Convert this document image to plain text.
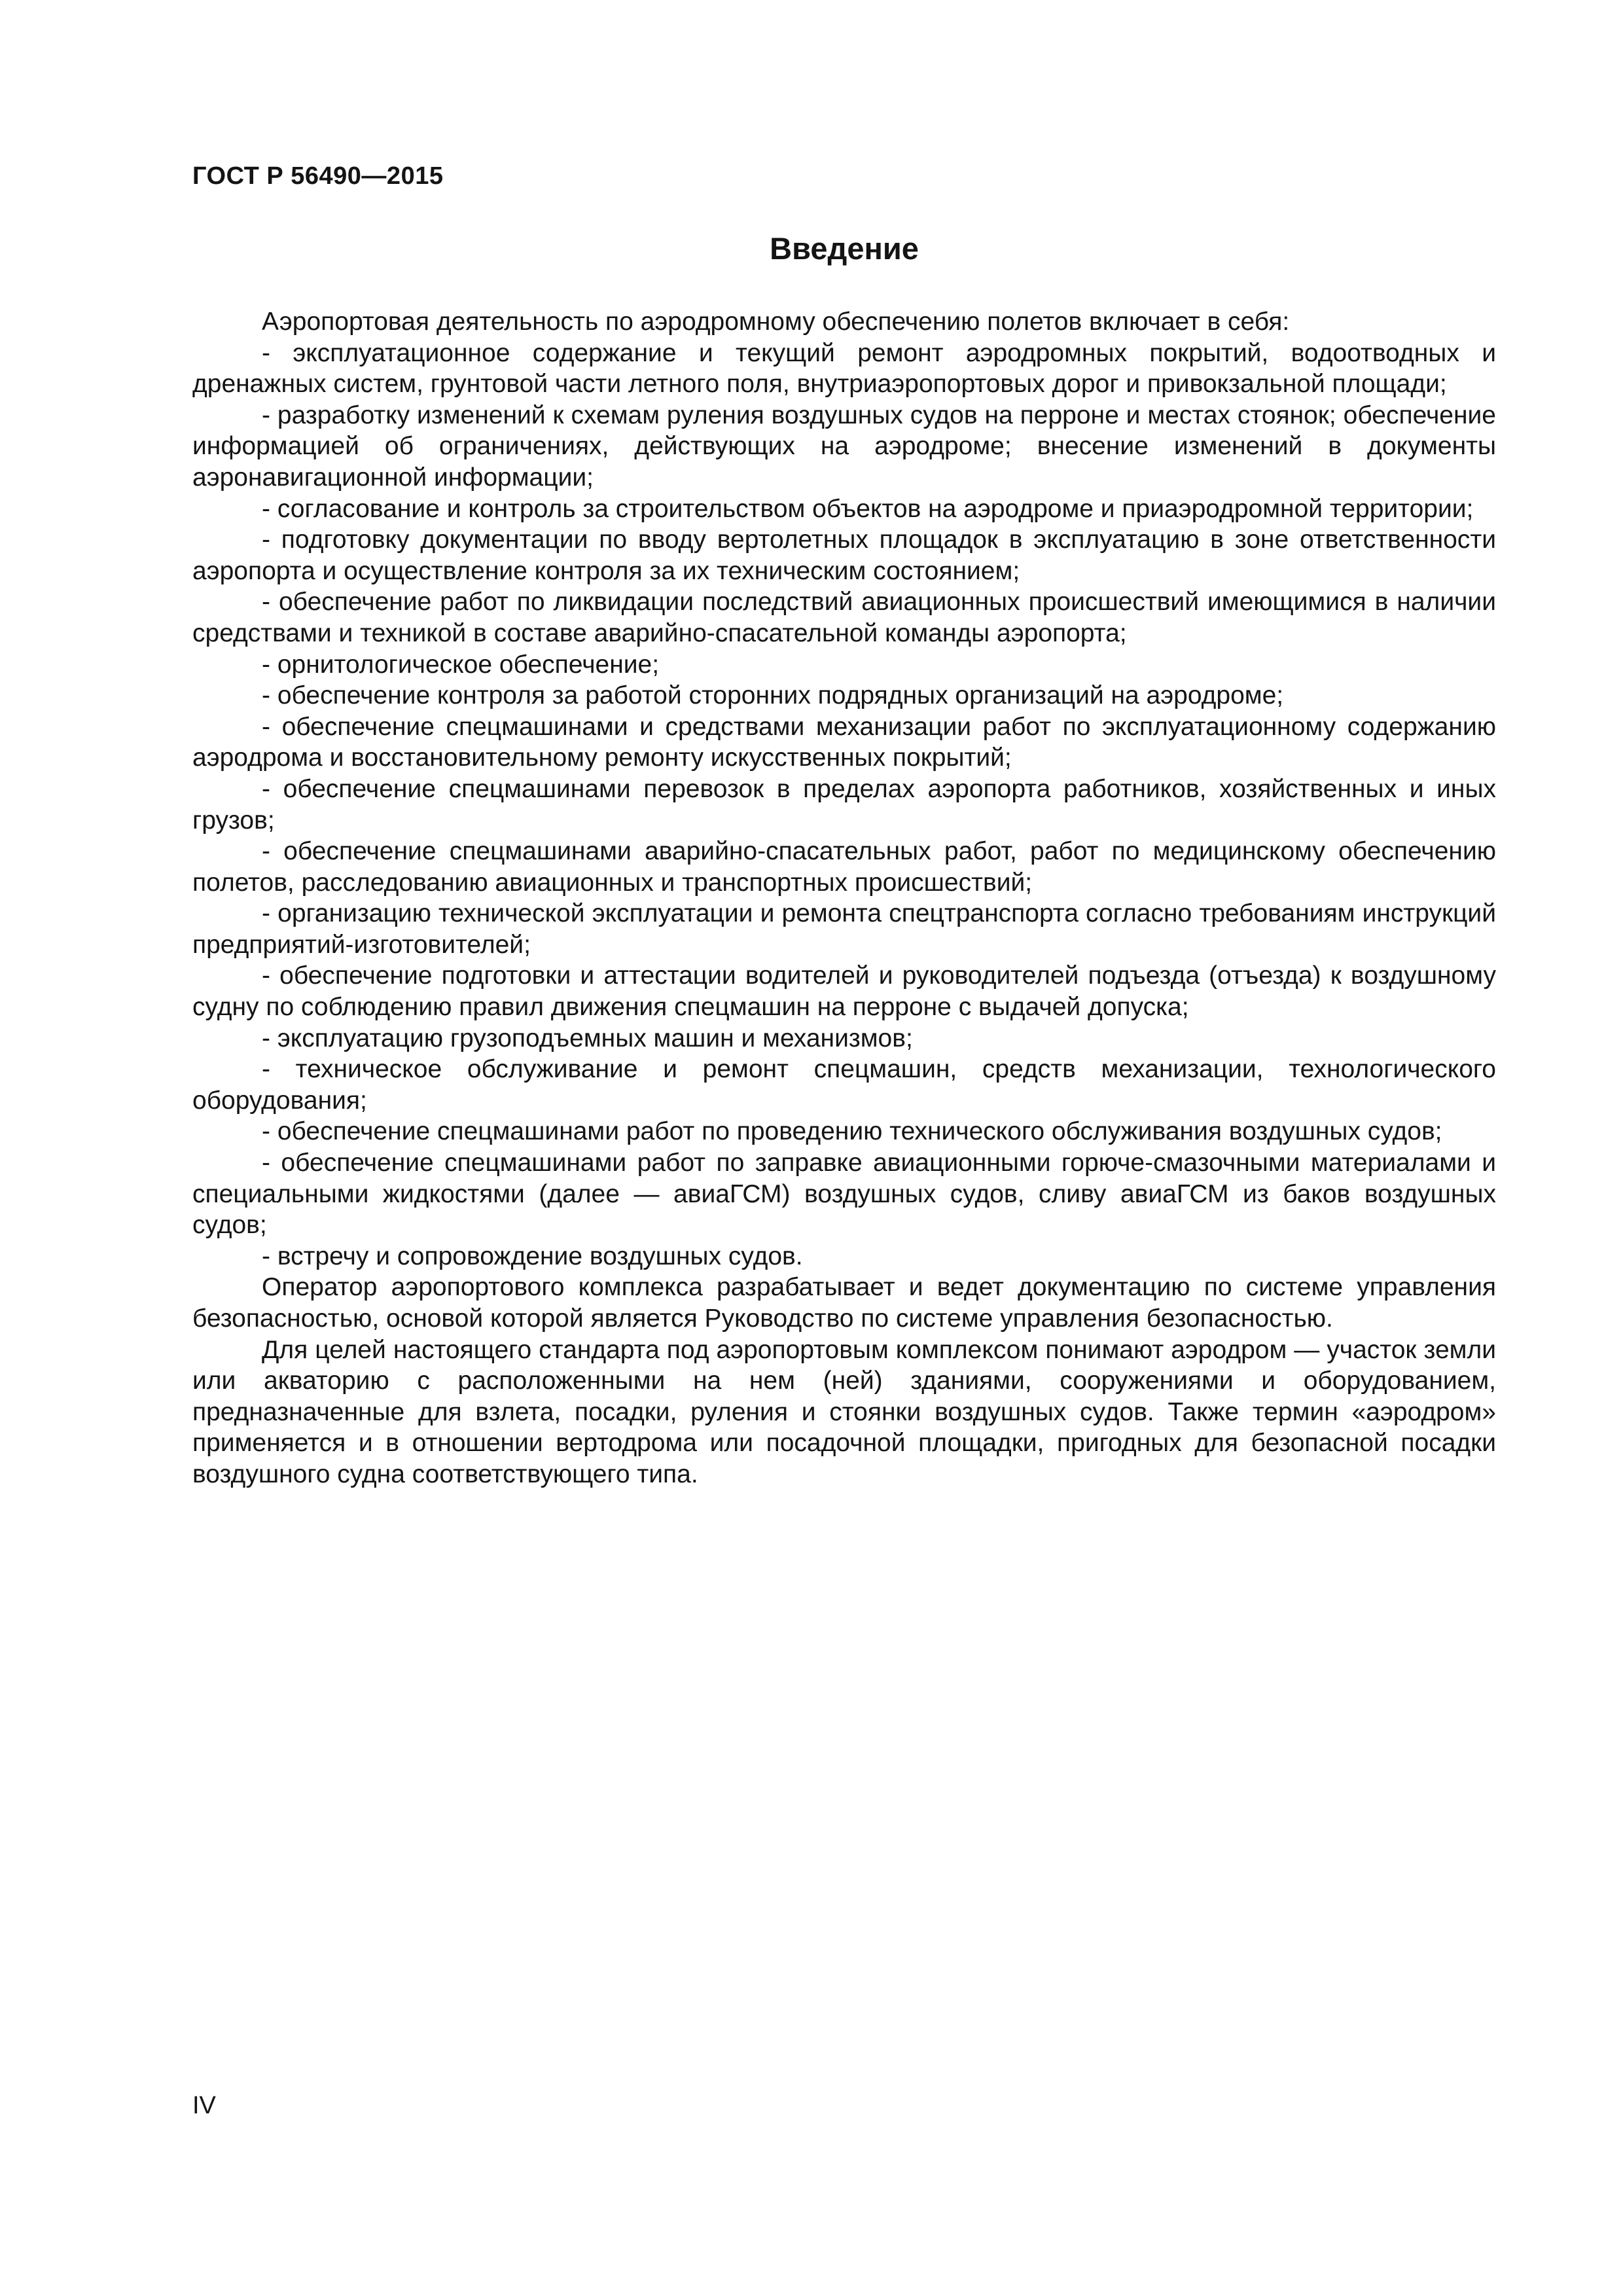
ГОСТ Р 56490—2015
Введение

Аэропортовая деятельность по аэродромному обеспечению полетов включает в себя:

- эксплуатационное содержание и текущий ремонт аэродромных покрытий, водоотводных и дренажных систем, грунтовой части летного поля, внутриаэропортовых дорог и привокзальной площади;

- разработку изменений к схемам руления воздушных судов на перроне и местах стоянок; обеспечение информацией об ограничениях, действующих на аэродроме; внесение изменений в документы аэронавигационной информации;

- согласование и контроль за строительством объектов на аэродроме и приаэродромной территории;

- подготовку документации по вводу вертолетных площадок в эксплуатацию в зоне ответственности аэропорта и осуществление контроля за их техническим состоянием;

- обеспечение работ по ликвидации последствий авиационных происшествий имеющимися в наличии средствами и техникой в составе аварийно-спасательной команды аэропорта;

- орнитологическое обеспечение;

- обеспечение контроля за работой сторонних подрядных организаций на аэродроме;

- обеспечение спецмашинами и средствами механизации работ по эксплуатационному содержанию аэродрома и восстановительному ремонту искусственных покрытий;

- обеспечение спецмашинами перевозок в пределах аэропорта работников, хозяйственных и иных грузов;

- обеспечение спецмашинами аварийно-спасательных работ, работ по медицинскому обеспечению полетов, расследованию авиационных и транспортных происшествий;

- организацию технической эксплуатации и ремонта спецтранспорта согласно требованиям инструкций предприятий-изготовителей;

- обеспечение подготовки и аттестации водителей и руководителей подъезда (отъезда) к воздушному судну по соблюдению правил движения спецмашин на перроне с выдачей допуска;

- эксплуатацию грузоподъемных машин и механизмов;

- техническое обслуживание и ремонт спецмашин, средств механизации, технологического оборудования;

- обеспечение спецмашинами работ по проведению технического обслуживания воздушных судов;

- обеспечение спецмашинами работ по заправке авиационными горюче-смазочными материалами и специальными жидкостями (далее — авиаГСМ) воздушных судов, сливу авиаГСМ из баков воздушных судов;

- встречу и сопровождение воздушных судов.

Оператор аэропортового комплекса разрабатывает и ведет документацию по системе управления безопасностью, основой которой является Руководство по системе управления безопасностью.

Для целей настоящего стандарта под аэропортовым комплексом понимают аэродром — участок земли или акваторию с расположенными на нем (ней) зданиями, сооружениями и оборудованием, предназначенные для взлета, посадки, руления и стоянки воздушных судов. Также термин «аэродром» применяется и в отношении вертодрома или посадочной площадки, пригодных для безопасной посадки воздушного судна соответствующего типа.

IV
